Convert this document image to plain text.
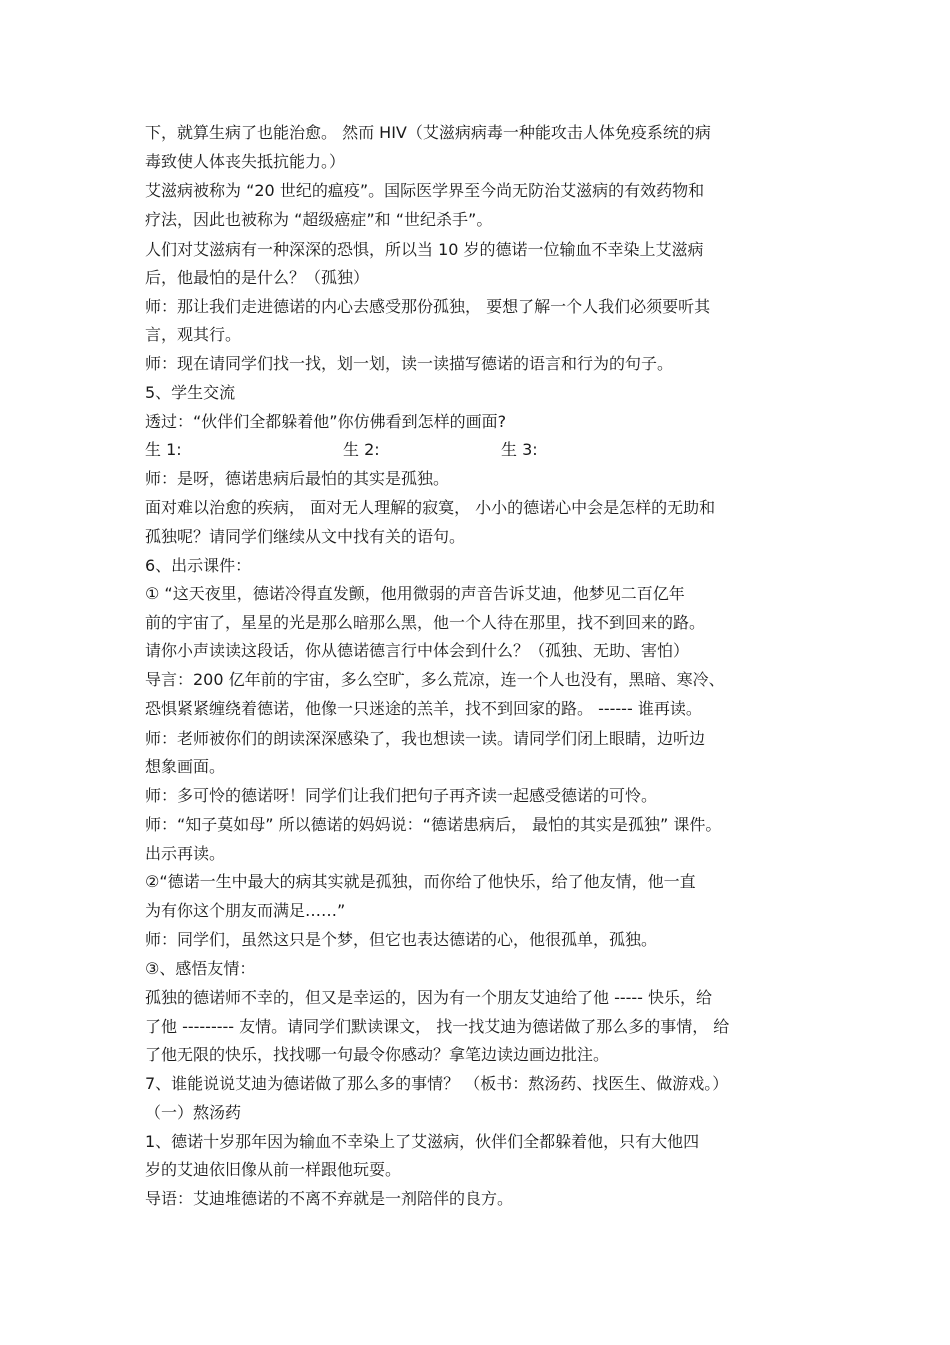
下，就算生病了也能治愈。 然而 HIV（艾滋病病毒一种能攻击人体免疫系统的病
毒致使人体丧失抵抗能力。）
艾滋病被称为 “20 世纪的瘟疫”。国际医学界至今尚无防治艾滋病的有效药物和
疗法，因此也被称为 “超级癌症”和 “世纪杀手”。
人们对艾滋病有一种深深的恐惧，所以当 10 岁的德诺一位输血不幸染上艾滋病
后，他最怕的是什么？（孤独）
师：那让我们走进德诺的内心去感受那份孤独， 要想了解一个人我们必须要听其
言，观其行。
师：现在请同学们找一找，划一划，读一读描写德诺的语言和行为的句子。
5、学生交流
透过：“伙伴们全都躲着他”你仿佛看到怎样的画面?
生 1:	生 2:	生 3:
师：是呀，德诺患病后最怕的其实是孤独。
面对难以治愈的疾病， 面对无人理解的寂寞， 小小的德诺心中会是怎样的无助和
孤独呢？请同学们继续从文中找有关的语句。
6、出示课件：
① “这天夜里，德诺冷得直发颤，他用微弱的声音告诉艾迪，他梦见二百亿年
前的宇宙了，星星的光是那么暗那么黑，他一个人待在那里，找不到回来的路。
请你小声读读这段话，你从德诺德言行中体会到什么？（孤独、无助、害怕）
导言：200 亿年前的宇宙，多么空旷，多么荒凉，连一个人也没有，黑暗、寒冷、
恐惧紧紧缠绕着德诺，他像一只迷途的羔羊，找不到回家的路。 ------ 谁再读。
师：老师被你们的朗读深深感染了，我也想读一读。请同学们闭上眼睛，边听边
想象画面。
师：多可怜的德诺呀！同学们让我们把句子再齐读一起感受德诺的可怜。
师：“知子莫如母” 所以德诺的妈妈说：“德诺患病后， 最怕的其实是孤独” 课件。
出示再读。
②“德诺一生中最大的病其实就是孤独，而你给了他快乐，给了他友情，他一直
为有你这个朋友而满足……”
师：同学们，虽然这只是个梦，但它也表达德诺的心，他很孤单，孤独。
③、感悟友情：
孤独的德诺师不幸的，但又是幸运的，因为有一个朋友艾迪给了他 ----- 快乐，给
了他 --------- 友情。请同学们默读课文， 找一找艾迪为德诺做了那么多的事情， 给
了他无限的快乐，找找哪一句最令你感动？拿笔边读边画边批注。
7、谁能说说艾迪为德诺做了那么多的事情？ （板书：熬汤药、找医生、做游戏。）
（一）熬汤药
1、德诺十岁那年因为输血不幸染上了艾滋病，伙伴们全都躲着他，只有大他四
岁的艾迪依旧像从前一样跟他玩耍。
导语：艾迪堆德诺的不离不弃就是一剂陪伴的良方。
